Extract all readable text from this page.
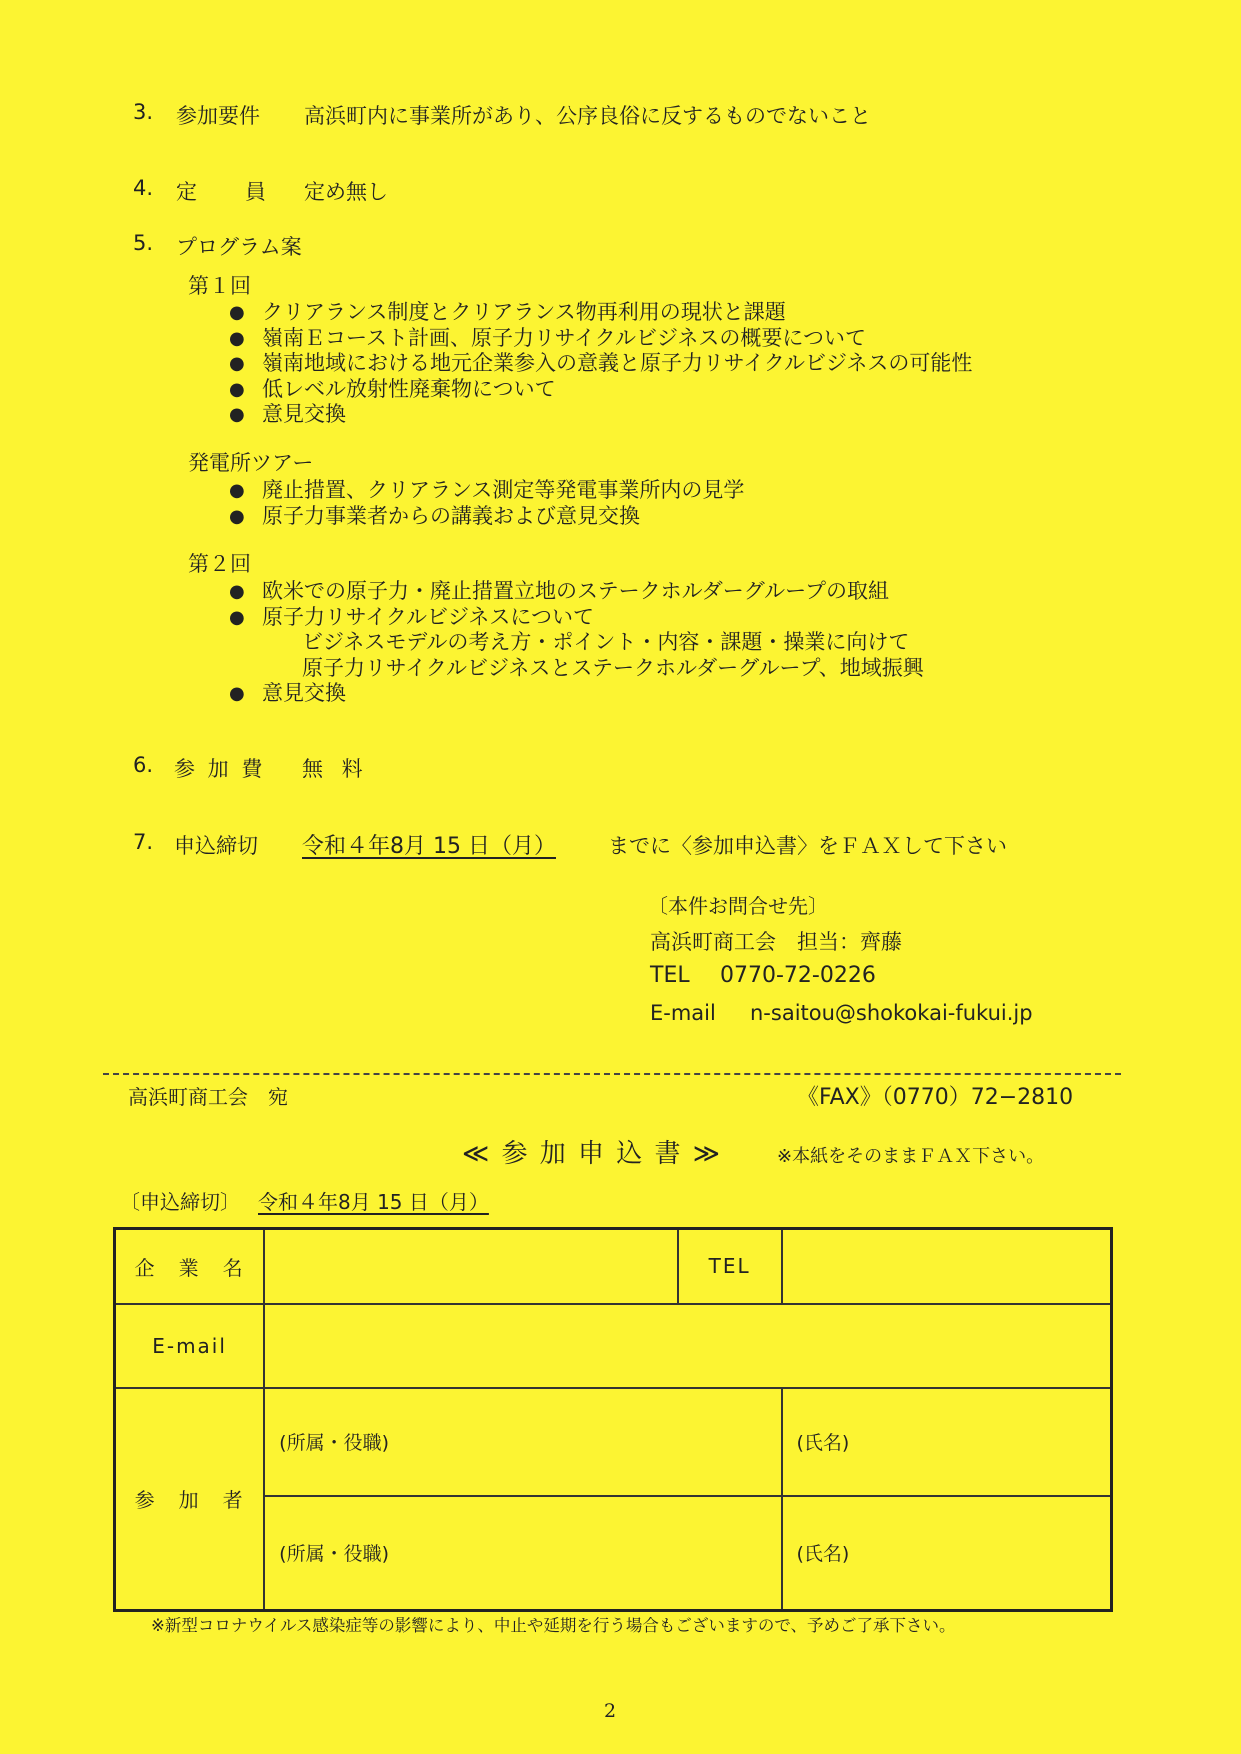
3. 参加要件 高浜町内に事業所があり、公序良俗に反するものでないこと
4. 定 員 定め無し
5. プログラム案
第１回
● クリアランス制度とクリアランス物再利用の現状と課題
● 嶺南Ｅコースト計画、原子力リサイクルビジネスの概要について
● 嶺南地域における地元企業参入の意義と原子力リサイクルビジネスの可能性
● 低レベル放射性廃棄物について
● 意見交換
発電所ツアー
● 廃止措置、クリアランス測定等発電事業所内の見学
● 原子力事業者からの講義および意見交換
第２回
● 欧米での原子力・廃止措置立地のステークホルダーグループの取組
● 原子力リサイクルビジネスについて
ビジネスモデルの考え方・ポイント・内容・課題・操業に向けて
原子力リサイクルビジネスとステークホルダーグループ、地域振興
● 意見交換
6. 参 加 費 無 料
7. 申込締切 令和４年8月 15 日（月） までに〈参加申込書〉をＦＡＸして下さい
〔本件お問合せ先〕
高浜町商工会　担当：齊藤
TEL 0770-72-0226
E-mail n-saitou@shokokai-fukui.jp
高浜町商工会　宛	《FAX》（0770）72−2810
≪ 参 加 申 込 書 ≫	※本紙をそのままＦＡＸ下さい。
〔申込締切〕 令和４年8月 15 日（月）
企　業　名		TEL	
E-mail			
参　加　者	(所属・役職)		(氏名)
	(所属・役職)		(氏名)
※新型コロナウイルス感染症等の影響により、中止や延期を行う場合もございますので、予めご了承下さい。
2
